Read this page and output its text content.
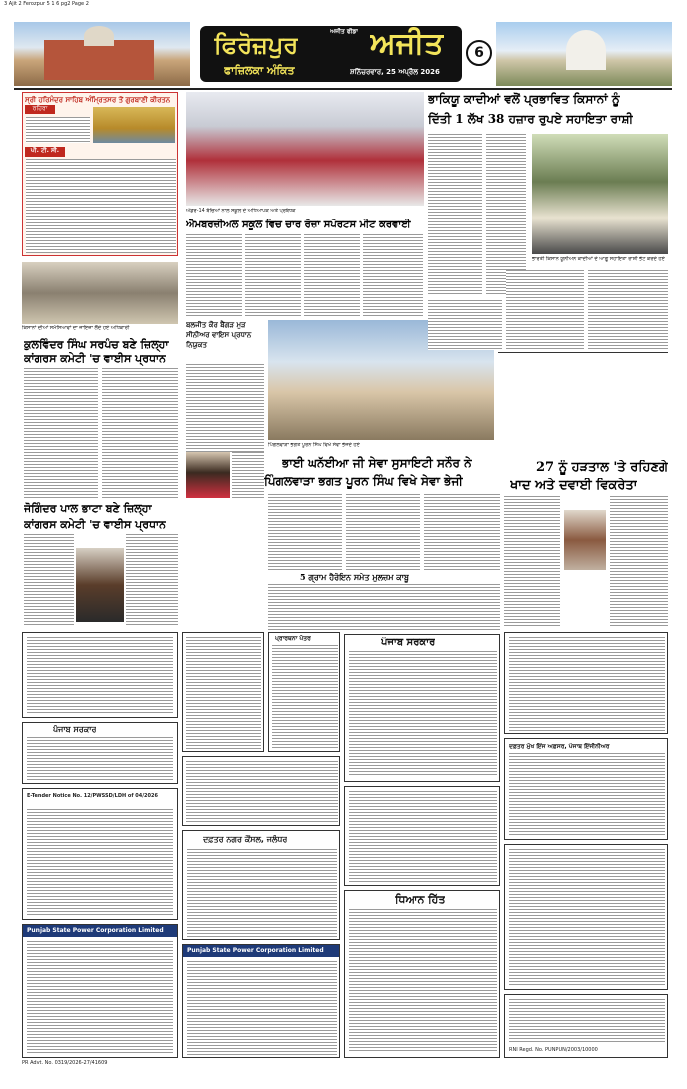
3 Ajit 2 Ferozpur 5 1 6 pg2 Page 2
ਫਿਰੋਜ਼ਪੁਰ ਅਜੀਤ
ਅਜੀਤ ਫੀਡਾ
ਫਾਜ਼ਿਲਕਾ ਅੰਕਿਤ	ਸ਼ਨਿੱਚਰਵਾਰ, 25 ਅਪ੍ਰੈਲ 2026
6
ਸ੍ਰੀ ਹਰਿਮੰਦਰ ਸਾਹਿਬ ਅੰਮ੍ਰਿਤਸਰ ਤੋਂ ਗੁਰਬਾਣੀ ਕੀਰਤਨ
ਰਹਿਰਾ
ਪੀ. ਟੀ. ਸੀ.
ਕਿਸਾਨਾਂ ਦੀਆਂ ਸਮੱਸਿਆਵਾਂ ਦਾ ਜਾਇਜ਼ਾ ਲੈਂਦੇ ਹੋਏ ਅਧਿਕਾਰੀ
ਕੁਲਵਿੰਦਰ ਸਿੰਘ ਸਰਪੰਚ ਬਣੇ ਜ਼ਿਲ੍ਹਾ
ਕਾਂਗਰਸ ਕਮੇਟੀ 'ਚ ਵਾਈਸ ਪ੍ਰਧਾਨ
ਜੋਗਿੰਦਰ ਪਾਲ ਭਾਟਾ ਬਣੇ ਜ਼ਿਲ੍ਹਾ
ਕਾਂਗਰਸ ਕਮੇਟੀ 'ਚ ਵਾਈਸ ਪ੍ਰਧਾਨ
ਅੰਡਰ-14 ਬੱਚਿਆਂ ਨਾਲ ਸਕੂਲ ਦੇ ਅਧਿਆਪਕ ਅਤੇ ਪ੍ਰਬੰਧਕ
ਐਮਬਰਜ਼ੀਅਲ ਸਕੂਲ ਵਿਚ ਚਾਰ ਰੋਜ਼ਾ ਸਪੋਰਟਸ ਮੀਟ ਕਰਵਾਈ
ਬਲਜੀਤ ਕੌਰ ਬੈਂਗੜ ਮੁੜ ਸੀਨੀਅਰ ਵਾਇਸ ਪ੍ਰਧਾਨ ਨਿਯੁਕਤ
ਪਿੰਗਲਵਾੜਾ ਭਗਤ ਪੂਰਨ ਸਿੰਘ ਵਿਖੇ ਸੇਵਾ ਭੇਜਦੇ ਹੋਏ
ਭਾਈ ਘਨੱਈਆ ਜੀ ਸੇਵਾ ਸੁਸਾਇਟੀ ਸਨੌਰ ਨੇ
ਪਿੰਗਲਵਾੜਾ ਭਗਤ ਪੂਰਨ ਸਿੰਘ ਵਿਖੇ ਸੇਵਾ ਭੇਜੀ
5 ਗ੍ਰਾਮ ਹੈਰੋਇਨ ਸਮੇਤ ਮੁਲਜ਼ਮ ਕਾਬੂ
ਭਾਕਿਯੂ ਕਾਦੀਆਂ ਵਲੋਂ ਪ੍ਰਭਾਵਿਤ ਕਿਸਾਨਾਂ ਨੂੰ
ਦਿੱਤੀ 1 ਲੱਖ 38 ਹਜ਼ਾਰ ਰੁਪਏ ਸਹਾਇਤਾ ਰਾਸ਼ੀ
ਭਾਰਤੀ ਕਿਸਾਨ ਯੂਨੀਅਨ ਕਾਦੀਆਂ ਦੇ ਆਗੂ ਸਹਾਇਤਾ ਰਾਸ਼ੀ ਭੇਟ ਕਰਦੇ ਹੋਏ
27 ਨੂੰ ਹੜਤਾਲ 'ਤੇ ਰਹਿਣਗੇ
ਖਾਦ ਅਤੇ ਦਵਾਈ ਵਿਕਰੇਤਾ
ਪੰਜਾਬ ਸਰਕਾਰ
E-Tender Notice No. 12/PWSSD/LDH of 04/2026
Punjab State Power Corporation Limited
ਪ੍ਰਾਰਥਨਾ ਪੱਤਰ
ਦਫ਼ਤਰ ਨਗਰ ਕੌਂਸਲ, ਜਲੰਧਰ
Punjab State Power Corporation Limited
ਪੰਜਾਬ ਸਰਕਾਰ
ਧਿਆਨ ਹਿੱਤ
ਦਫ਼ਤਰ ਮੁੱਖ ਇੰਜ ਅਫ਼ਸਰ, ਪੰਜਾਬ ਇੰਜੀਨੀਅਰ
RNI Regd. No. PUNPUN/2003/10000
PR Advt. No. 0319/2026-27/41609
